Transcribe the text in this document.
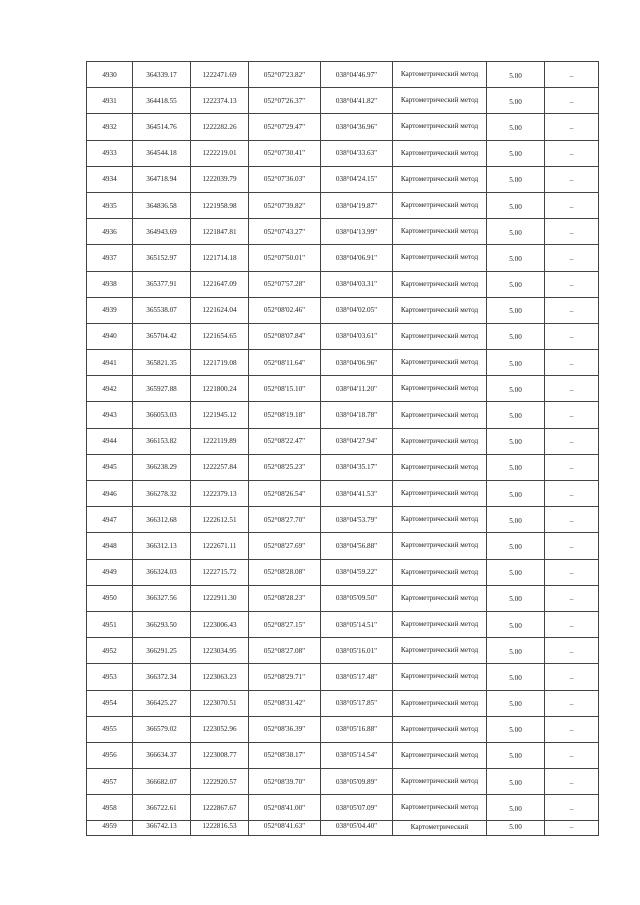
4930	364339.17	1222471.69	052°07'23.82"	038°04'46.97"	Картометрический метод	5.00	–
4931	364418.55	1222374.13	052°07'26.37"	038°04'41.82"	Картометрический метод	5.00	–
4932	364514.76	1222282.26	052°07'29.47"	038°04'36.96"	Картометрический метод	5.00	–
4933	364544.18	1222219.01	052°07'30.41"	038°04'33.63"	Картометрический метод	5.00	–
4934	364718.94	1222039.79	052°07'36.03"	038°04'24.15"	Картометрический метод	5.00	–
4935	364836.58	1221958.98	052°07'39.82"	038°04'19.87"	Картометрический метод	5.00	–
4936	364943.69	1221847.81	052°07'43.27"	038°04'13.99"	Картометрический метод	5.00	–
4937	365152.97	1221714.18	052°07'50.01"	038°04'06.91"	Картометрический метод	5.00	–
4938	365377.91	1221647.09	052°07'57.28"	038°04'03.31"	Картометрический метод	5.00	–
4939	365538.07	1221624.04	052°08'02.46"	038°04'02.05"	Картометрический метод	5.00	–
4940	365704.42	1221654.65	052°08'07.84"	038°04'03.61"	Картометрический метод	5.00	–
4941	365821.35	1221719.08	052°08'11.64"	038°04'06.96"	Картометрический метод	5.00	–
4942	365927.88	1221800.24	052°08'15.10"	038°04'11.20"	Картометрический метод	5.00	–
4943	366053.03	1221945.12	052°08'19.18"	038°04'18.78"	Картометрический метод	5.00	–
4944	366153.82	1222119.89	052°08'22.47"	038°04'27.94"	Картометрический метод	5.00	–
4945	366238.29	1222257.84	052°08'25.23"	038°04'35.17"	Картометрический метод	5.00	–
4946	366278.32	1222379.13	052°08'26.54"	038°04'41.53"	Картометрический метод	5.00	–
4947	366312.68	1222612.51	052°08'27.70"	038°04'53.79"	Картометрический метод	5.00	–
4948	366312.13	1222671.11	052°08'27.69"	038°04'56.88"	Картометрический метод	5.00	–
4949	366324.03	1222715.72	052°08'28.08"	038°04'59.22"	Картометрический метод	5.00	–
4950	366327.56	1222911.30	052°08'28.23"	038°05'09.50"	Картометрический метод	5.00	–
4951	366293.50	1223006.43	052°08'27.15"	038°05'14.51"	Картометрический метод	5.00	–
4952	366291.25	1223034.95	052°08'27.08"	038°05'16.01"	Картометрический метод	5.00	–
4953	366372.34	1223063.23	052°08'29.71"	038°05'17.48"	Картометрический метод	5.00	–
4954	366425.27	1223070.51	052°08'31.42"	038°05'17.85"	Картометрический метод	5.00	–
4955	366579.02	1223052.96	052°08'36.39"	038°05'16.88"	Картометрический метод	5.00	–
4956	366634.37	1223008.77	052°08'38.17"	038°05'14.54"	Картометрический метод	5.00	–
4957	366682.07	1222920.57	052°08'39.70"	038°05'09.89"	Картометрический метод	5.00	–
4958	366722.61	1222867.67	052°08'41.00"	038°05'07.09"	Картометрический метод	5.00	–
4959	366742.13	1222816.53	052°08'41.63"	038°05'04.40"	Картометрический	5.00	–
